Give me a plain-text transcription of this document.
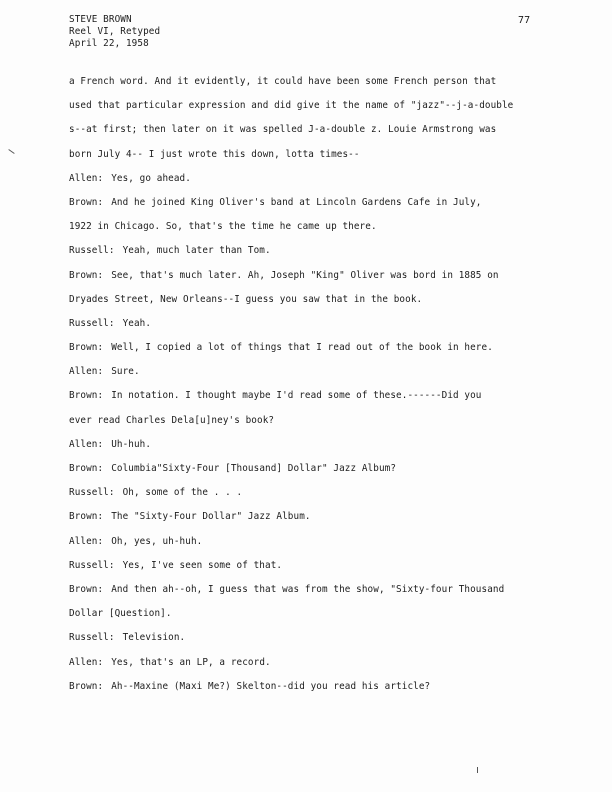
STEVE BROWN
Reel VI, Retyped
April 22, 1958
77
a French word. And it evidently, it could have been some French person that
used that particular expression and did give it the name of "jazz"--j-a-double
s--at first; then later on it was spelled J-a-double z. Louie Armstrong was
born July 4-- I just wrote this down, lotta times--
Allen: Yes, go ahead.
Brown: And he joined King Oliver's band at Lincoln Gardens Cafe in July,
1922 in Chicago. So, that's the time he came up there.
Russell: Yeah, much later than Tom.
Brown: See, that's much later. Ah, Joseph "King" Oliver was bord in 1885 on
Dryades Street, New Orleans--I guess you saw that in the book.
Russell: Yeah.
Brown: Well, I copied a lot of things that I read out of the book in here.
Allen: Sure.
Brown: In notation. I thought maybe I'd read some of these.------Did you
ever read Charles Dela[u]ney's book?
Allen: Uh-huh.
Brown: Columbia"Sixty-Four [Thousand] Dollar" Jazz Album?
Russell: Oh, some of the . . .
Brown: The "Sixty-Four Dollar" Jazz Album.
Allen: Oh, yes, uh-huh.
Russell: Yes, I've seen some of that.
Brown: And then ah--oh, I guess that was from the show, "Sixty-four Thousand
Dollar [Question].
Russell: Television.
Allen: Yes, that's an LP, a record.
Brown: Ah--Maxine (Maxi Me?) Skelton--did you read his article?
